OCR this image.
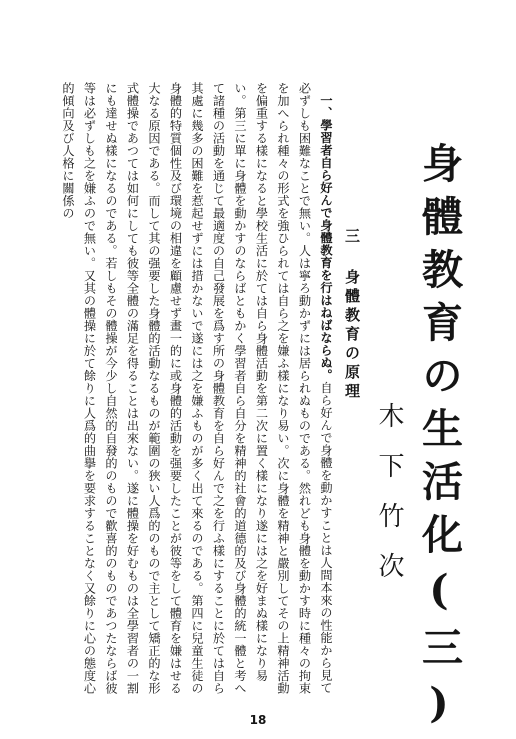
身體教育の生活化(三)
木下竹次
三 身體教育の原理

一、學習者自ら好んで身體教育を行はねばならぬ。自ら好んで身體を動かすことは人間本來の性能から見て必ずしも困難なことで無い。人は寧ろ動かずには居られぬものである。然れども身體を動かす時に種々の拘束を加へられ種々の形式を強ひられては自ら之を嫌ふ樣になり易い。次に身體を精神と嚴別してその上精神活動を偏重する樣になると學校生活に於ては自ら身體活動を第二次に置く樣になり遂には之を好まぬ樣になり易い。第三に單に身體を動かすのならばともかく學習者自ら自分を精神的社會的道德的及び身體的統一體と考へて諸種の活動を通じて最適度の自己發展を爲す所の身體教育を自ら好んで之を行ふ樣にすることに於ては自ら其處に幾多の困難を惹起せずには措かないで遂には之を嫌ふものが多く出て來るのである。第四に兒童生徒の身體的特質個性及び環境の相違を顧慮せず畫一的に或身體的活動を强要したことが彼等をして體育を嫌はせる大なる原因である。而して其の强要した身體的活動なるものが範圍の狹い人爲的のもので主として矯正的な形式體操であつては如何にしても彼等全體の滿足を得ることは出來ない。遂に體操を好むものは全學習者の一割にも達せぬ樣になるのである。若しもその體操が今少し自然的自發的のもので歡喜的のものであつたならば彼等は必ずしも之を嫌ふので無い。又其の體操に於て餘りに人爲的曲擧を要求することなく又餘りに心の態度心的傾向及び人格に關係の

18
